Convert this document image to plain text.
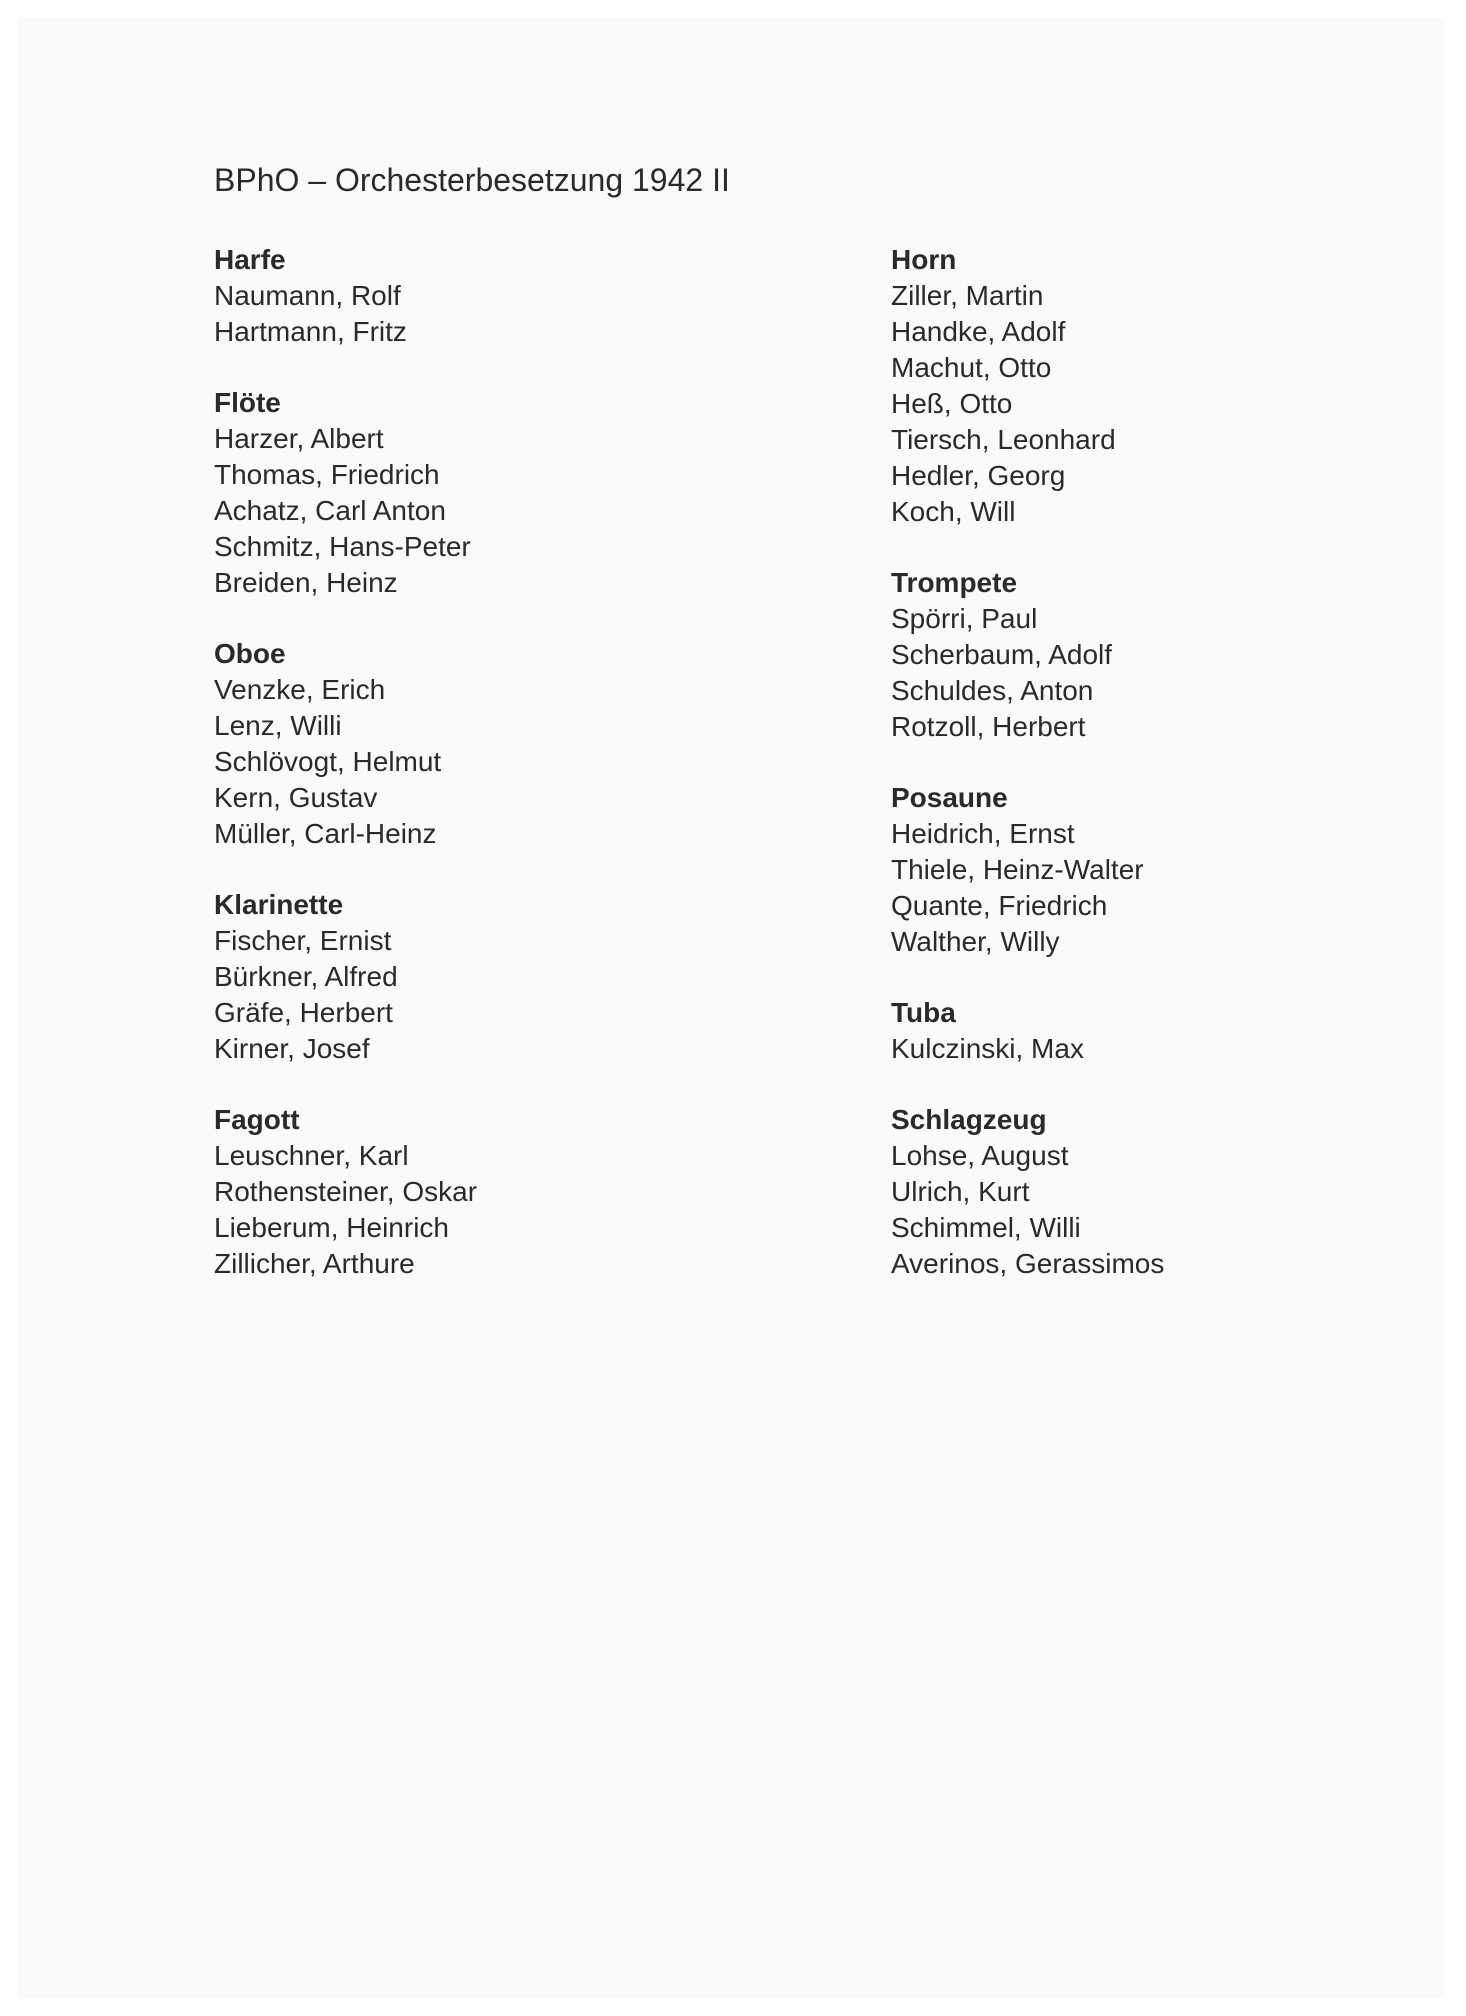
BPhO – Orchesterbesetzung 1942 II
Harfe
Naumann, Rolf
Hartmann, Fritz
Flöte
Harzer, Albert
Thomas, Friedrich
Achatz, Carl Anton
Schmitz, Hans-Peter
Breiden, Heinz
Oboe
Venzke, Erich
Lenz, Willi
Schlövogt, Helmut
Kern, Gustav
Müller, Carl-Heinz
Klarinette
Fischer, Ernist
Bürkner, Alfred
Gräfe, Herbert
Kirner, Josef
Fagott
Leuschner, Karl
Rothensteiner, Oskar
Lieberum, Heinrich
Zillicher, Arthure
Horn
Ziller, Martin
Handke, Adolf
Machut, Otto
Heß, Otto
Tiersch, Leonhard
Hedler, Georg
Koch, Will
Trompete
Spörri, Paul
Scherbaum, Adolf
Schuldes, Anton
Rotzoll, Herbert
Posaune
Heidrich, Ernst
Thiele, Heinz-Walter
Quante, Friedrich
Walther, Willy
Tuba
Kulczinski, Max
Schlagzeug
Lohse, August
Ulrich, Kurt
Schimmel, Willi
Averinos, Gerassimos
